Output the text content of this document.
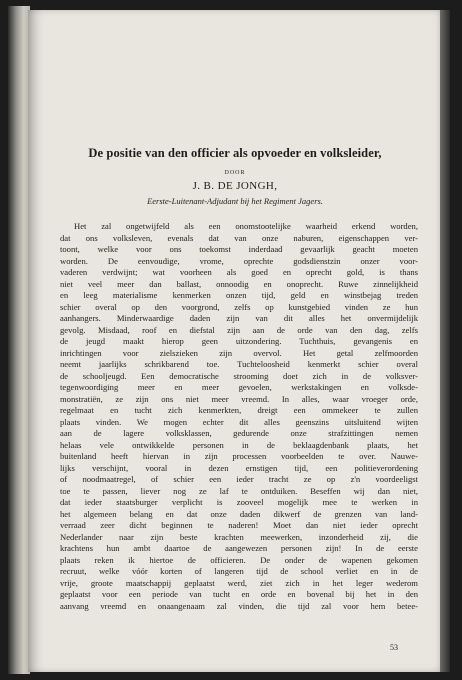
De positie van den officier als opvoeder en volksleider,
DOOR
J. B. DE JONGH,
Eerste-Luitenant-Adjudant bij het Regiment Jagers.
Het zal ongetwijfeld als een onomstootelijke waarheid erkend worden,
dat ons volksleven, evenals dat van onze naburen, eigenschappen ver-
toont, welke voor ons toekomst inderdaad gevaarlijk geacht moeten
worden. De eenvoudige, vrome, oprechte godsdienstzin onzer voor-
vaderen verdwijnt; wat voorheen als goed en oprecht gold, is thans
niet veel meer dan ballast, onnoodig en onoprecht. Ruwe zinnelijkheid
en leeg materialisme kenmerken onzen tijd, geld en winstbejag treden
schier overal op den voorgrond, zelfs op kunstgebied vinden ze hun
aanhangers. Minderwaardige daden zijn van dit alles het onvermijdelijk
gevolg. Misdaad, roof en diefstal zijn aan de orde van den dag, zelfs
de jeugd maakt hierop geen uitzondering. Tuchthuis, gevangenis en
inrichtingen voor zielszieken zijn overvol. Het getal zelfmoorden
neemt jaarlijks schrikbarend toe. Tuchteloosheid kenmerkt schier overal
de schooljeugd. Een democratische strooming doet zich in de volksver-
tegenwoordiging meer en meer gevoelen, werkstakingen en volksde-
monstratiën, ze zijn ons niet meer vreemd. In alles, waar vroeger orde,
regelmaat en tucht zich kenmerkten, dreigt een ommekeer te zullen
plaats vinden. We mogen echter dit alles geenszins uitsluitend wijten
aan de lagere volksklassen, gedurende onze strafzittingen nemen
helaas vele ontwikkelde personen in de beklaagdenbank plaats, het
buitenland heeft hiervan in zijn processen voorbeelden te over. Nauwe-
lijks verschijnt, vooral in dezen ernstigen tijd, een politieverordening
of noodmaatregel, of schier een ieder tracht ze op z'n voordeeligst
toe te passen, liever nog ze laf te ontduiken. Beseffen wij dan niet,
dat ieder staatsburger verplicht is zooveel mogelijk mee te werken in
het algemeen belang en dat onze daden dikwerf de grenzen van land-
verraad zeer dicht beginnen te naderen! Moet dan niet ieder oprecht
Nederlander naar zijn beste krachten meewerken, inzonderheid zij, die
krachtens hun ambt daartoe de aangewezen personen zijn! In de eerste
plaats reken ik hiertoe de officieren. De onder de wapenen gekomen
recruut, welke vóór korten of langeren tijd de school verliet en in de
vrije, groote maatschappij geplaatst werd, ziet zich in het leger wederom
geplaatst voor een periode van tucht en orde en bovenal bij het in den
aanvang vreemd en onaangenaam zal vinden, die tijd zal voor hem betee-
53
